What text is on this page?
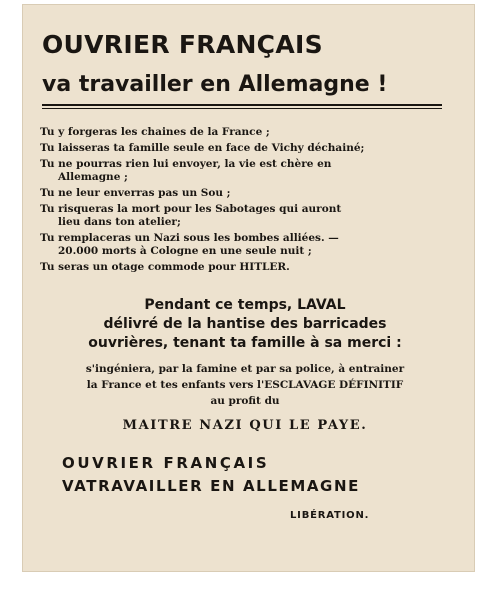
OUVRIER FRANÇAIS
va travailler en Allemagne !
Tu y forgeras les chaines de la France ;
Tu laisseras ta famille seule en face de Vichy déchainé;
Tu ne pourras rien lui envoyer, la vie est chère en
Allemagne ;
Tu ne leur enverras pas un Sou ;
Tu risqueras la mort pour les Sabotages qui auront
lieu dans ton atelier;
Tu remplaceras un Nazi sous les bombes alliées. —
20.000 morts à Cologne en une seule nuit ;
Tu seras un otage commode pour HITLER.
Pendant ce temps, LAVAL
délivré de la hantise des barricades
ouvrières, tenant ta famille à sa merci :
s'ingéniera, par la famine et par sa police, à entrainer
la France et tes enfants vers l'ESCLAVAGE DÉFINITIF
au profit du
MAITRE NAZI QUI LE PAYE.
OUVRIER FRANÇAIS
VATRAVAILLER EN ALLEMAGNE
LIBÉRATION.
